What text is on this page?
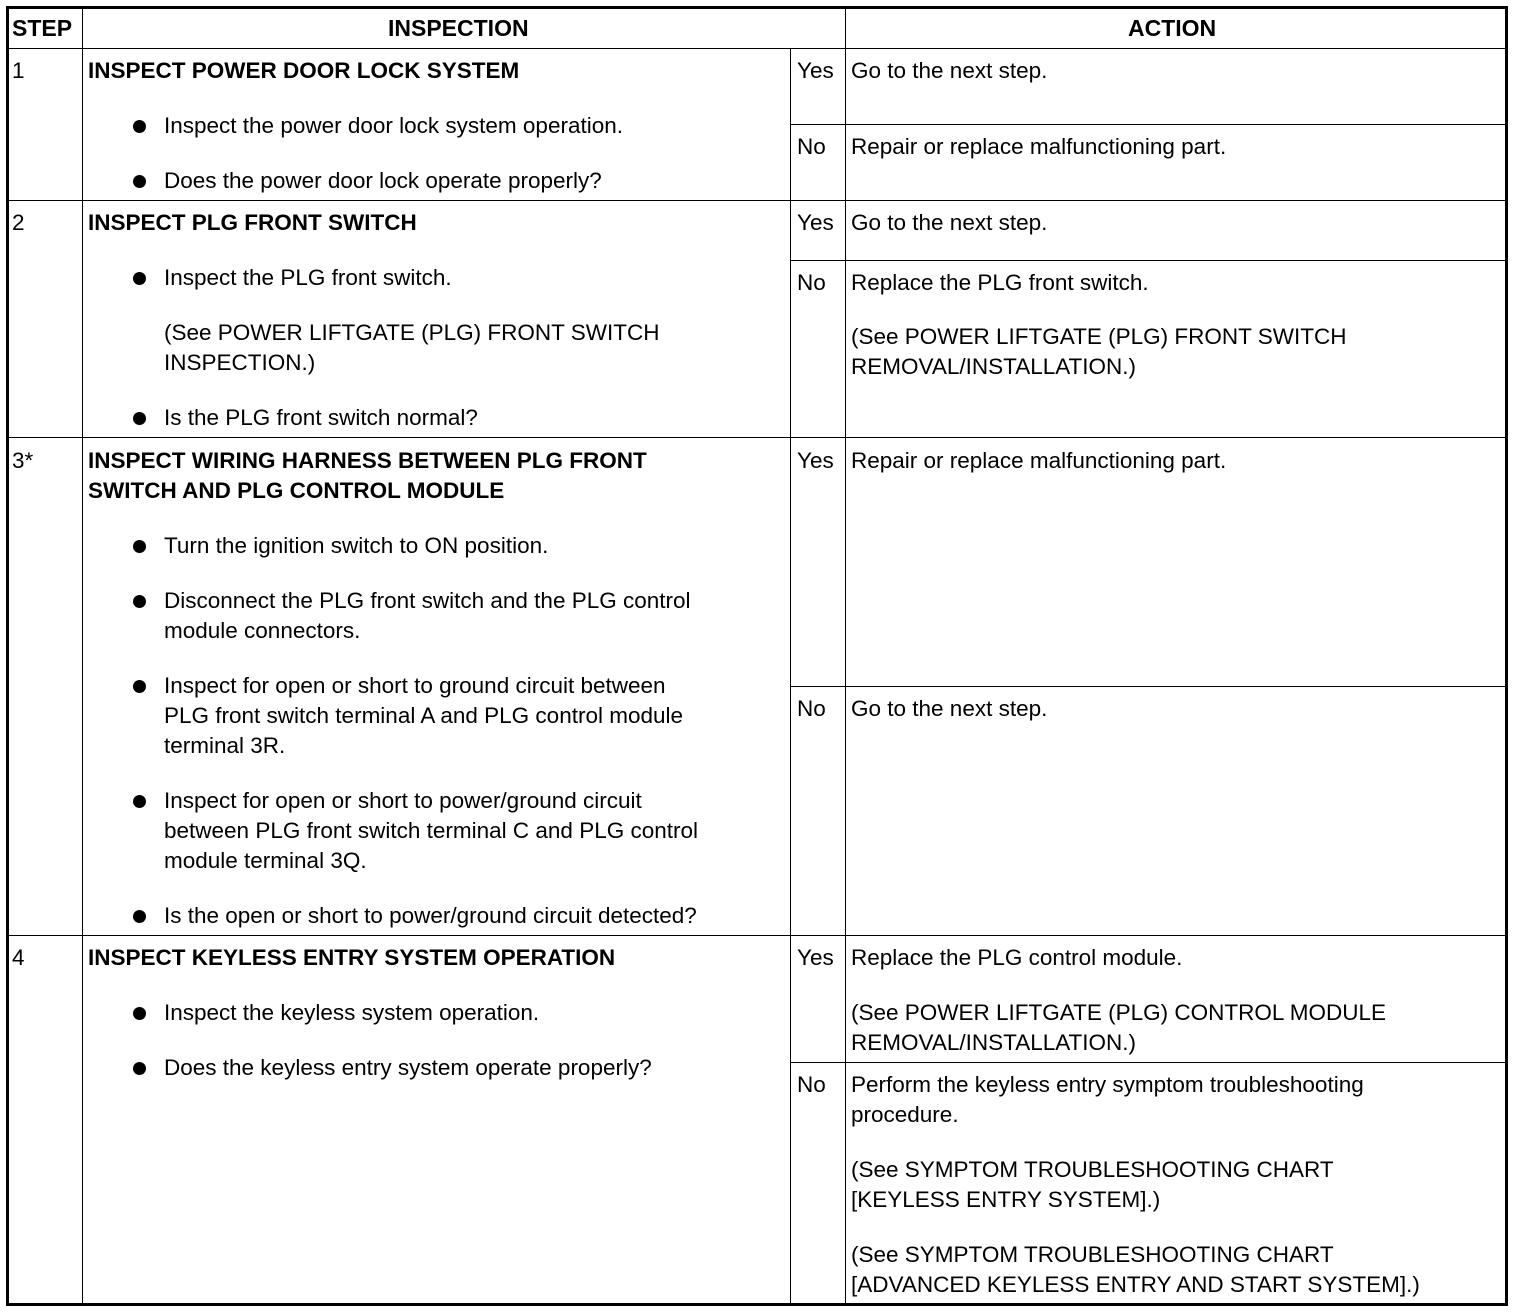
STEP	INSPECTION	ACTION
1	INSPECT POWER DOOR LOCK SYSTEM
Inspect the power door lock system operation.
Does the power door lock operate properly?
Yes Go to the next step.
No Repair or replace malfunctioning part.
2	INSPECT PLG FRONT SWITCH
Inspect the PLG front switch.
(See POWER LIFTGATE (PLG) FRONT SWITCH
INSPECTION.)
Is the PLG front switch normal?
Yes Go to the next step.
No Replace the PLG front switch.
(See POWER LIFTGATE (PLG) FRONT SWITCH
REMOVAL/INSTALLATION.)
3* INSPECT WIRING HARNESS BETWEEN PLG FRONT
SWITCH AND PLG CONTROL MODULE
Turn the ignition switch to ON position.
Disconnect the PLG front switch and the PLG control
module connectors.
Inspect for open or short to ground circuit between
PLG front switch terminal A and PLG control module
terminal 3R.
Inspect for open or short to power/ground circuit
between PLG front switch terminal C and PLG control
module terminal 3Q.
Is the open or short to power/ground circuit detected?
Yes Repair or replace malfunctioning part.
No Go to the next step.
4	INSPECT KEYLESS ENTRY SYSTEM OPERATION
Inspect the keyless system operation.
Does the keyless entry system operate properly?
Yes Replace the PLG control module.
(See POWER LIFTGATE (PLG) CONTROL MODULE
REMOVAL/INSTALLATION.)
No Perform the keyless entry symptom troubleshooting
procedure.
(See SYMPTOM TROUBLESHOOTING CHART
[KEYLESS ENTRY SYSTEM].)
(See SYMPTOM TROUBLESHOOTING CHART
[ADVANCED KEYLESS ENTRY AND START SYSTEM].)
